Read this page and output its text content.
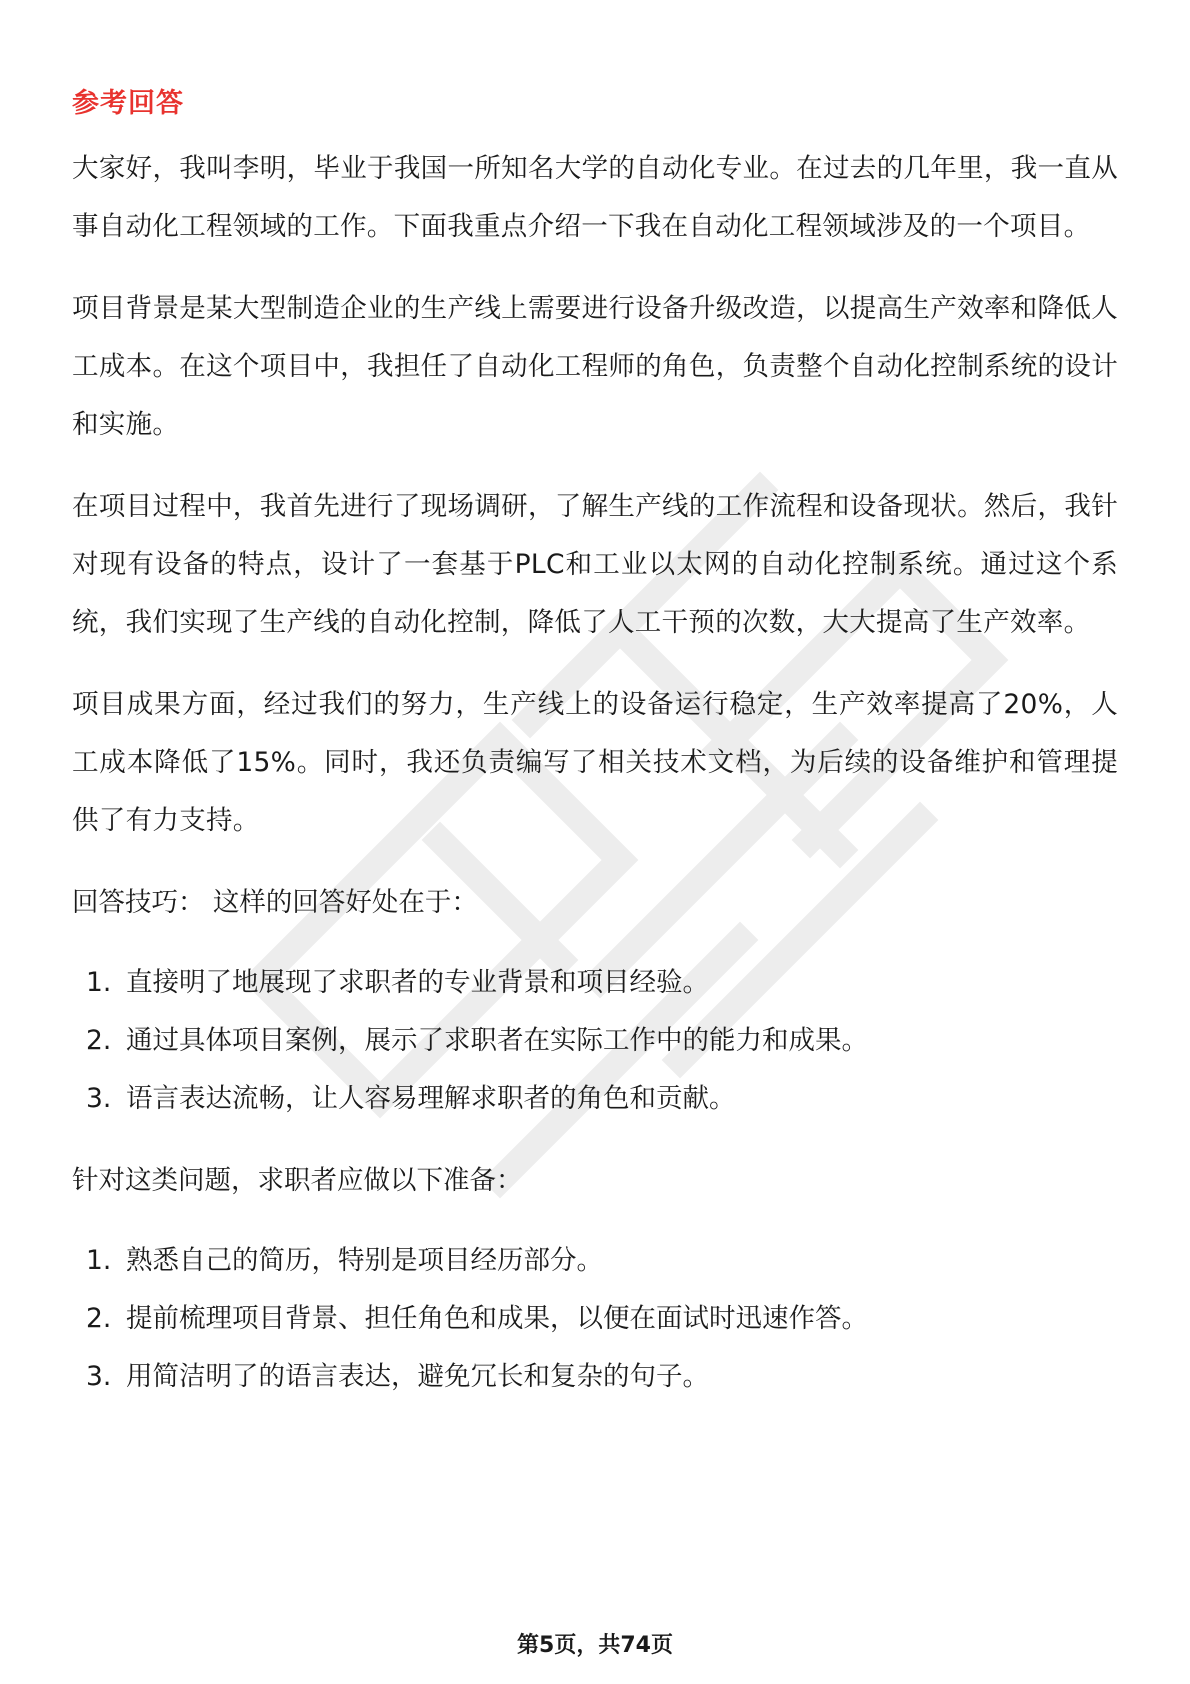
参考回答

大家好，我叫李明，毕业于我国一所知名大学的自动化专业。在过去的几年里，我一直从事自动化工程领域的工作。下面我重点介绍一下我在自动化工程领域涉及的一个项目。

项目背景是某大型制造企业的生产线上需要进行设备升级改造，以提高生产效率和降低人工成本。在这个项目中，我担任了自动化工程师的角色，负责整个自动化控制系统的设计和实施。

在项目过程中，我首先进行了现场调研，了解生产线的工作流程和设备现状。然后，我针对现有设备的特点，设计了一套基于PLC和工业以太网的自动化控制系统。通过这个系统，我们实现了生产线的自动化控制，降低了人工干预的次数，大大提高了生产效率。

项目成果方面，经过我们的努力，生产线上的设备运行稳定，生产效率提高了20%，人工成本降低了15%。同时，我还负责编写了相关技术文档，为后续的设备维护和管理提供了有力支持。

回答技巧： 这样的回答好处在于：
1. 直接明了地展现了求职者的专业背景和项目经验。
2. 通过具体项目案例，展示了求职者在实际工作中的能力和成果。
3. 语言表达流畅，让人容易理解求职者的角色和贡献。
针对这类问题，求职者应做以下准备：
1. 熟悉自己的简历，特别是项目经历部分。
2. 提前梳理项目背景、担任角色和成果，以便在面试时迅速作答。
3. 用简洁明了的语言表达，避免冗长和复杂的句子。
第5页，共74页
